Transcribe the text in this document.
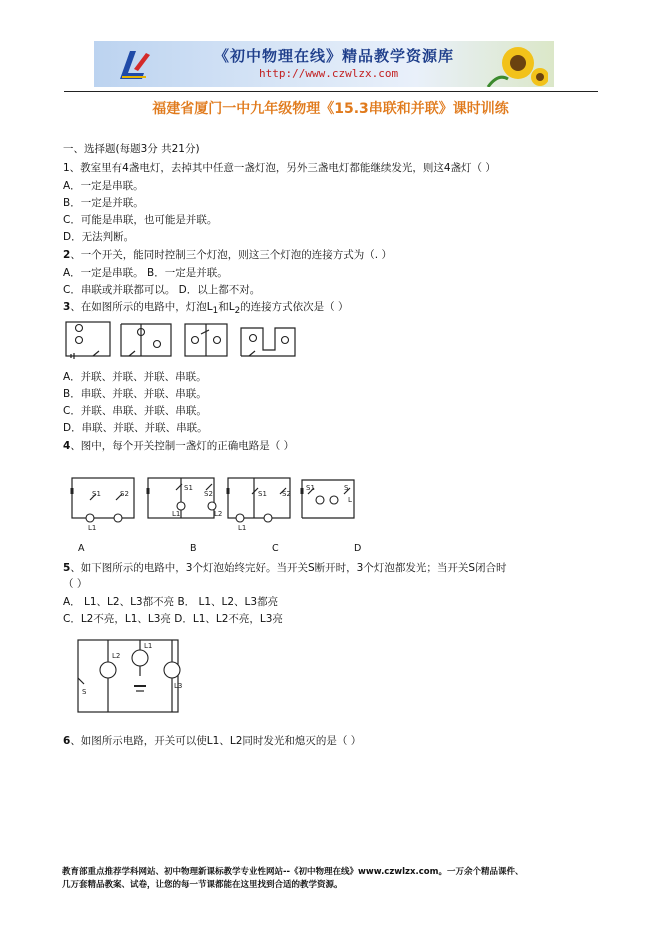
《初中物理在线》精品教学资源库
http://www.czwlzx.com
福建省厦门一中九年级物理《15.3串联和并联》课时训练
一、选择题(每题3分 共21分)
1、教室里有4盏电灯，去掉其中任意一盏灯泡，另外三盏电灯都能继续发光，则这4盏灯（ ）
A．一定是串联。
B．一定是并联。
C．可能是串联，也可能是并联。
D．无法判断。
2、一个开关，能同时控制三个灯泡，则这三个灯泡的连接方式为（. ）
A．一定是串联。 B．一定是并联。
C．串联或并联都可以。 D．以上都不对。
3、在如图所示的电路中，灯泡$L_1$和$L_2$的连接方式依次是（ ）
A．并联、并联、并联、串联。
B．串联、并联、并联、串联。
C．并联、串联、并联、串联。
D．串联、并联、并联、串联。
4、图中，每个开关控制一盏灯的正确电路是（ ）
S1	S2
L1
S1
S2
L1	L2
S1 S2
L1
S1	S
L
A	B	C	D
5、如下图所示的电路中，3个灯泡始终完好。当开关S断开时，3个灯泡都发光；当开关S闭合时
（ ）
A． L1、L2、L3都不亮 B． L1、L2、L3都亮
C．L2不亮，L1、L3亮 D．L1、L2不亮，L3亮
L2
L1
L3
S
6、如图所示电路，开关可以使L1、L2同时发光和熄灭的是（ ）
教育部重点推荐学科网站、初中物理新课标教学专业性网站--《初中物理在线》www.czwlzx.com。一万余个精品课件、
几万套精品教案、试卷，让您的每一节课都能在这里找到合适的教学资源。
